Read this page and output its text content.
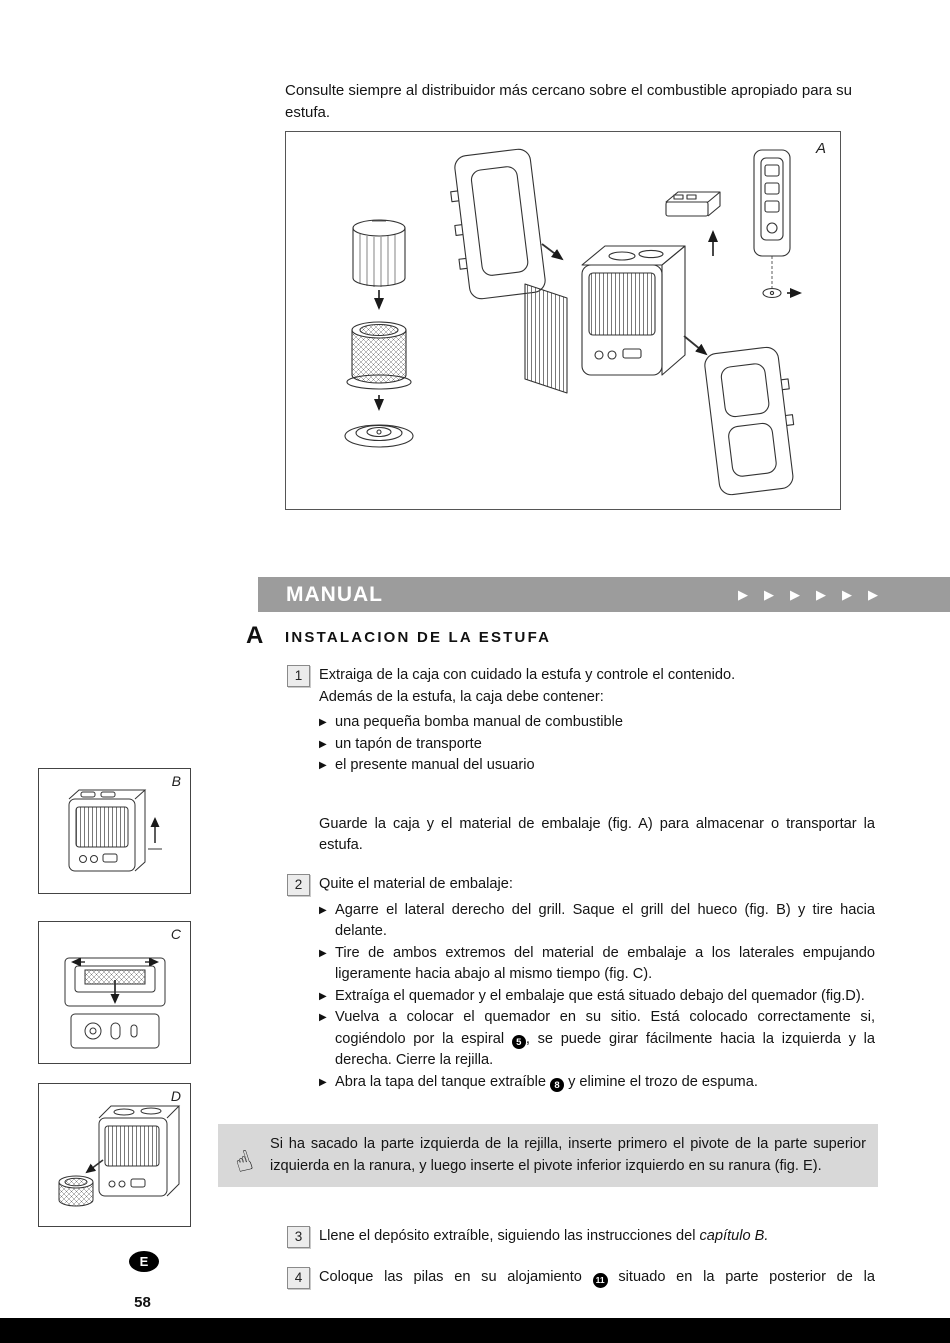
Consulte siempre al distribuidor más cercano sobre el combustible apropiado para su estufa.

A
MANUAL	▶ ▶ ▶ ▶ ▶ ▶
A INSTALACION DE LA ESTUFA
1	Extraiga de la caja con cuidado la estufa y controle el contenido.
Además de la estufa, la caja debe contener:
▶ una pequeña bomba manual de combustible
▶ un tapón de transporte
▶ el presente manual del usuario

Guarde la caja y el material de embalaje (fig. A) para almacenar o transportar la estufa.

2	Quite el material de embalaje:
▶ Agarre el lateral derecho del grill. Saque el grill del hueco (fig. B) y tire hacia delante.
▶ Tire de ambos extremos del material de embalaje a los laterales empujando ligeramente hacia abajo al mismo tiempo (fig. C).
▶ Extraíga el quemador y el embalaje que está situado debajo del quemador (fig.D).
▶ Vuelva a colocar el quemador en su sitio. Está colocado correctamente si, cogiéndolo por la espiral 5 , se puede girar fácilmente hacia la izquierda y la derecha. Cierre la rejilla.
▶ Abra la tapa del tanque extraíble 8 y elimine el trozo de espuma.
☝

Si ha sacado la parte izquierda de la rejilla, inserte primero el pivote de la parte superior izquierda en la ranura, y luego inserte el pivote inferior izquierdo en su ranura (fig. E).

3	Llene el depósito extraíble, siguiendo las instrucciones del capítulo B.
4	Coloque las pilas en su alojamiento 11 situado en la parte posterior de la
B
C
D
E
58
